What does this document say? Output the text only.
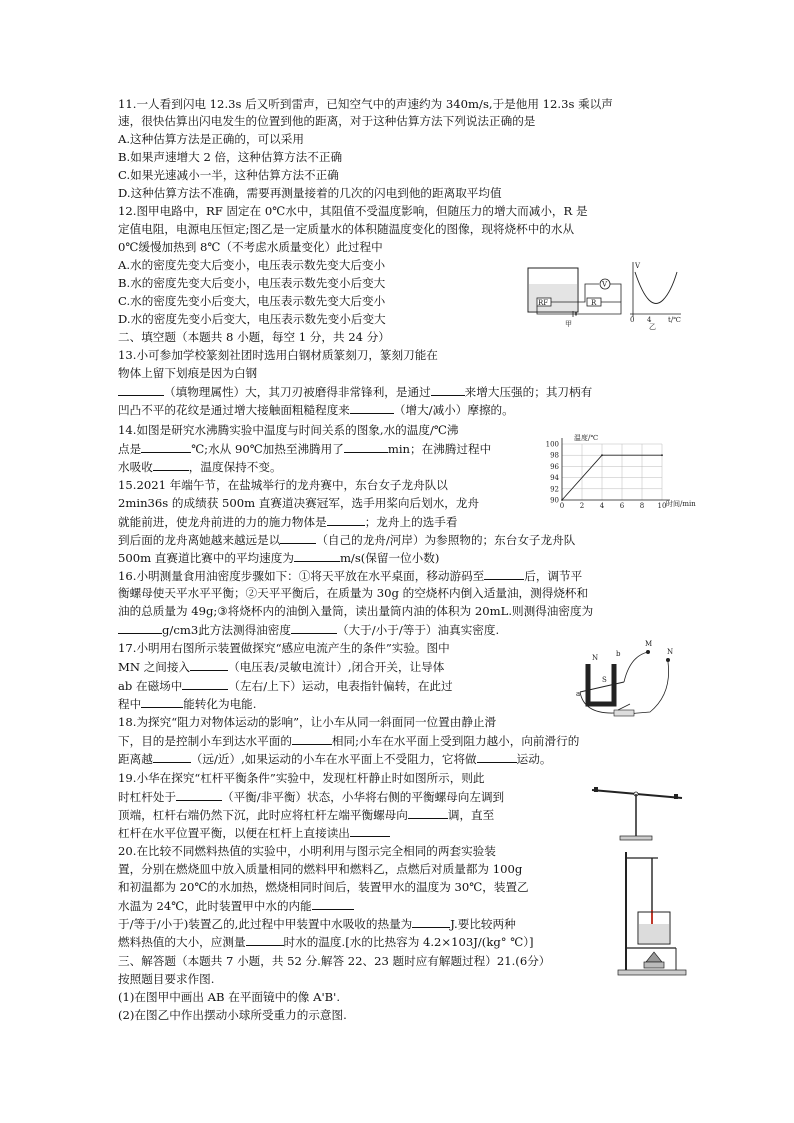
11.一人看到闪电 12.3s 后又听到雷声，已知空气中的声速约为 340m/s,于是他用 12.3s 乘以声
速，很快估算出闪电发生的位置到他的距离，对于这种估算方法下列说法正确的是
A.这种估算方法是正确的，可以采用
B.如果声速增大 2 倍，这种估算方法不正确
C.如果光速减小一半，这种估算方法不正确
D.这种估算方法不准确，需要再测量接着的几次的闪电到他的距离取平均值
12.图甲电路中，RF 固定在 0℃水中，其阻值不受温度影响，但随压力的增大而减小，R 是
定值电阻，电源电压恒定;图乙是一定质量水的体积随温度变化的图像，现将烧杯中的水从
0℃缓慢加热到 8℃（不考虑水质量变化）此过程中
A.水的密度先变大后变小，电压表示数先变大后变小
B.水的密度先变大后变小，电压表示数先变小后变大
C.水的密度先变小后变大，电压表示数先变大后变小
D.水的密度先变小后变大，电压表示数先变小后变大
RF
V
R
甲
V
0 4 t/℃
乙
二、填空题（本题共 8 小题，每空 1 分，共 24 分）
13.小可参加学校篆刻社团时选用白钢材质篆刻刀，篆刻刀能在
物体上留下划痕是因为白钢
（填物理属性）大，其刀刃被磨得非常锋利，是通过	来增大压强的；其刀柄有
凹凸不平的花纹是通过增大接触面粗糙程度来	（增大/减小）摩擦的。
14.如图是研究水沸腾实验中温度与时间关系的图象,水的温度/℃沸
点是	℃;水从 90℃加热至沸腾用了	min；在沸腾过程中
水吸收	，温度保持不变。
90
92
94
96
98
100
0 2 4 6 8 10
温度/℃
时间/min
15.2021 年端午节，在盐城举行的龙舟赛中，东台女子龙舟队以
2min36s 的成绩获 500m 直赛道决赛冠军，选手用桨向后划水，龙舟
就能前进，使龙舟前进的力的施力物体是	；龙舟上的选手看
到后面的龙舟离她越来越远是以	（自己的龙舟/河岸）为参照物的；东台女子龙舟队
500m 直赛道比赛中的平均速度为	m/s(保留一位小数)
16.小明测量食用油密度步骤如下：①将天平放在水平桌面，移动游码至	后，调节平
衡螺母使天平水平平衡；②天平平衡后，在质量为 30g 的空烧杯内倒入适量油，测得烧杯和
油的总质量为 49g;③将烧杯内的油倒入量筒，读出量筒内油的体积为 20mL.则测得油密度为
g/cm3此方法测得油密度	（大于/小于/等于）油真实密度.
17.小明用右图所示装置做探究“感应电流产生的条件”实验。图中
MN 之间接入	（电压表/灵敏电流计）,闭合开关，让导体
ab 在磁场中	（左右/上下）运动，电表指针偏转，在此过
程中	能转化为电能.
N
S
a
b
M
N
18.为探究“阻力对物体运动的影响”，让小车从同一斜面同一位置由静止滑
下，目的是控制小车到达水平面的	相同;小车在水平面上受到阻力越小，向前滑行的
距离越	（远/近）,如果运动的小车在水平面上不受阻力，它将做	运动。
19.小华在探究“杠杆平衡条件”实验中，发现杠杆静止时如图所示，则此
时杠杆处于	（平衡/非平衡）状态，小华将右侧的平衡螺母向左调到
顶端，杠杆右端仍然下沉，此时应将杠杆左端平衡螺母向	调，直至
杠杆在水平位置平衡，以便在杠杆上直接读出
20.在比较不同燃料热值的实验中，小明利用与图示完全相同的两套实验装
置，分别在燃烧皿中放入质量相同的燃料甲和燃料乙，点燃后对质量都为 100g
和初温都为 20℃的水加热，燃烧相同时间后，装置甲水的温度为 30℃，装置乙
水温为 24℃，此时装置甲中水的内能
于/等于/小于)装置乙的,此过程中甲装置中水吸收的热量为	J.要比较两种
燃料热值的大小，应测量	时水的温度.[水的比热容为 4.2×103J/(kg° ℃）]
三、解答题（本题共 7 小题，共 52 分.解答 22、23 题时应有解题过程）21.(6分）
按照题目要求作图.
(1)在图甲中画出 AB 在平面镜中的像 A'B'.
(2)在图乙中作出摆动小球所受重力的示意图.
